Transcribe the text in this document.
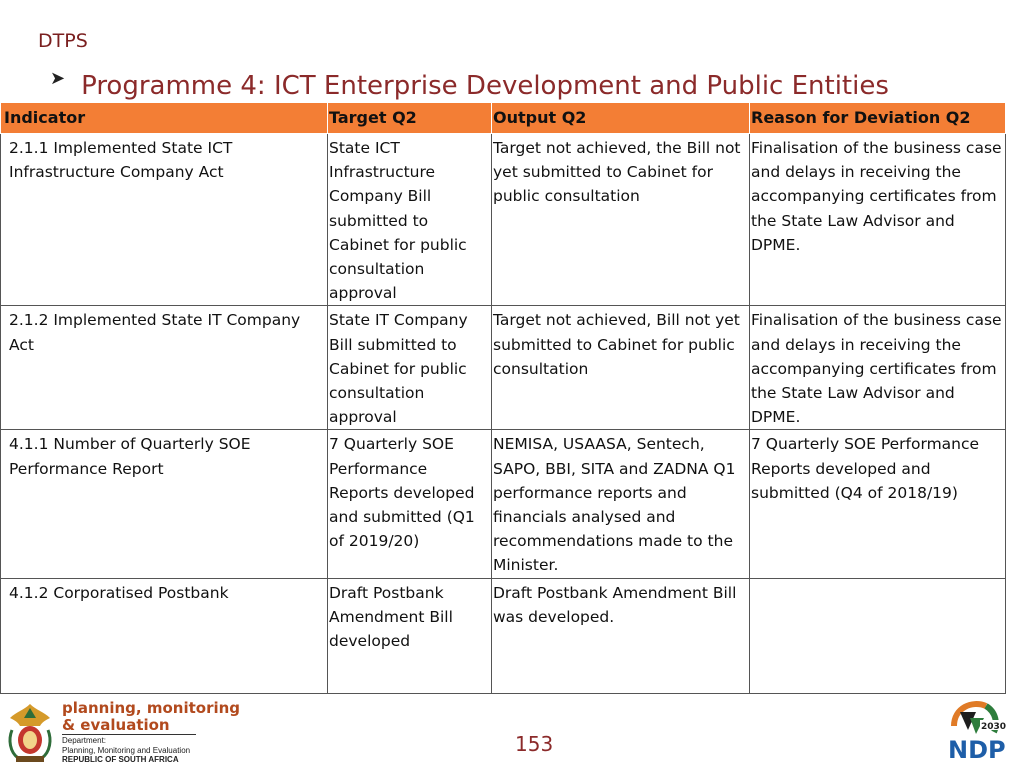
DTPS
➤ Programme 4: ICT Enterprise Development and Public Entities
Indicator	Target Q2	Output Q2	Reason for Deviation Q2
2.1.1 Implemented State ICT Infrastructure Company Act	State ICT Infrastructure Company Bill submitted to Cabinet for public consultation approval	Target not achieved, the Bill not yet submitted to Cabinet for public consultation	Finalisation of the business case and delays in receiving the accompanying certificates from the State Law Advisor and DPME.
2.1.2 Implemented State IT Company Act	State IT Company Bill submitted to Cabinet for public consultation approval	Target not achieved, Bill not yet submitted to Cabinet for public consultation	Finalisation of the business case and delays in receiving the accompanying certificates from the State Law Advisor and DPME.
4.1.1 Number of Quarterly SOE Performance Report	7 Quarterly SOE Performance Reports developed and submitted (Q1 of 2019/20)	NEMISA, USAASA, Sentech, SAPO, BBI, SITA and ZADNA Q1 performance reports and financials analysed and recommendations made to the Minister.	7 Quarterly SOE Performance Reports developed and submitted (Q4 of 2018/19)
4.1.2 Corporatised Postbank	Draft Postbank Amendment Bill developed	Draft Postbank Amendment Bill was developed.	
planning, monitoring
& evaluation
Department:
Planning, Monitoring and Evaluation
REPUBLIC OF SOUTH AFRICA
153
2030
NDP
